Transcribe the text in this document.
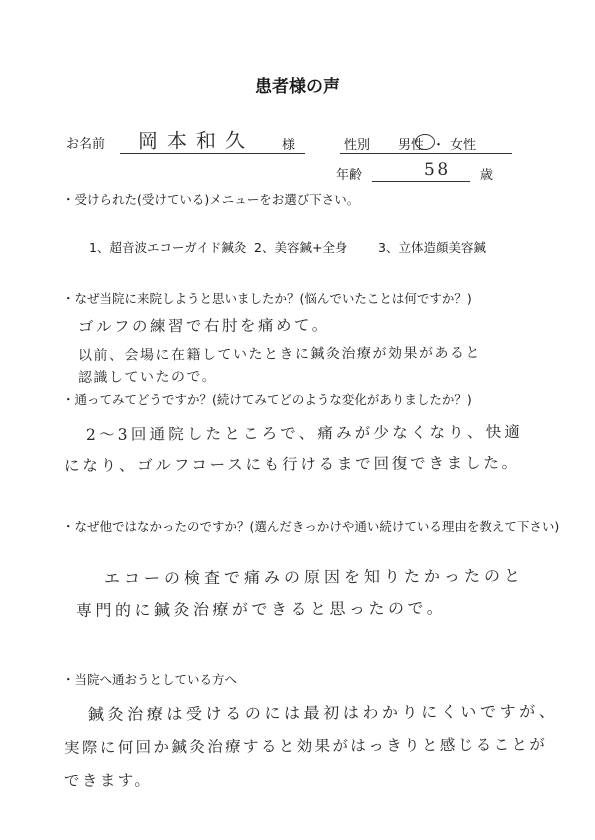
患者様の声
お名前 岡本和久 様	性別 男性 ・ 女性
年齢	58 歳
・受けられた(受けている)メニューをお選び下さい。
1、超音波エコーガイド鍼灸 2、美容鍼+全身 3、立体造顔美容鍼
・なぜ当院に来院しようと思いましたか？(悩んでいたことは何ですか？)
ゴルフの練習で右肘を痛めて。
以前、会場に在籍していたときに鍼灸治療が効果があると
認識していたので。
・通ってみてどうですか？(続けてみてどのような変化がありましたか？)
2～3回通院したところで、痛みが少なくなり、快適
になり、ゴルフコースにも行けるまで回復できました。
・なぜ他ではなかったのですか？(選んだきっかけや通い続けている理由を教えて下さい)
エコーの検査で痛みの原因を知りたかったのと
専門的に鍼灸治療ができると思ったので。
・当院へ通おうとしている方へ
鍼灸治療は受けるのには最初はわかりにくいですが、
実際に何回か鍼灸治療すると効果がはっきりと感じることが
できます。
